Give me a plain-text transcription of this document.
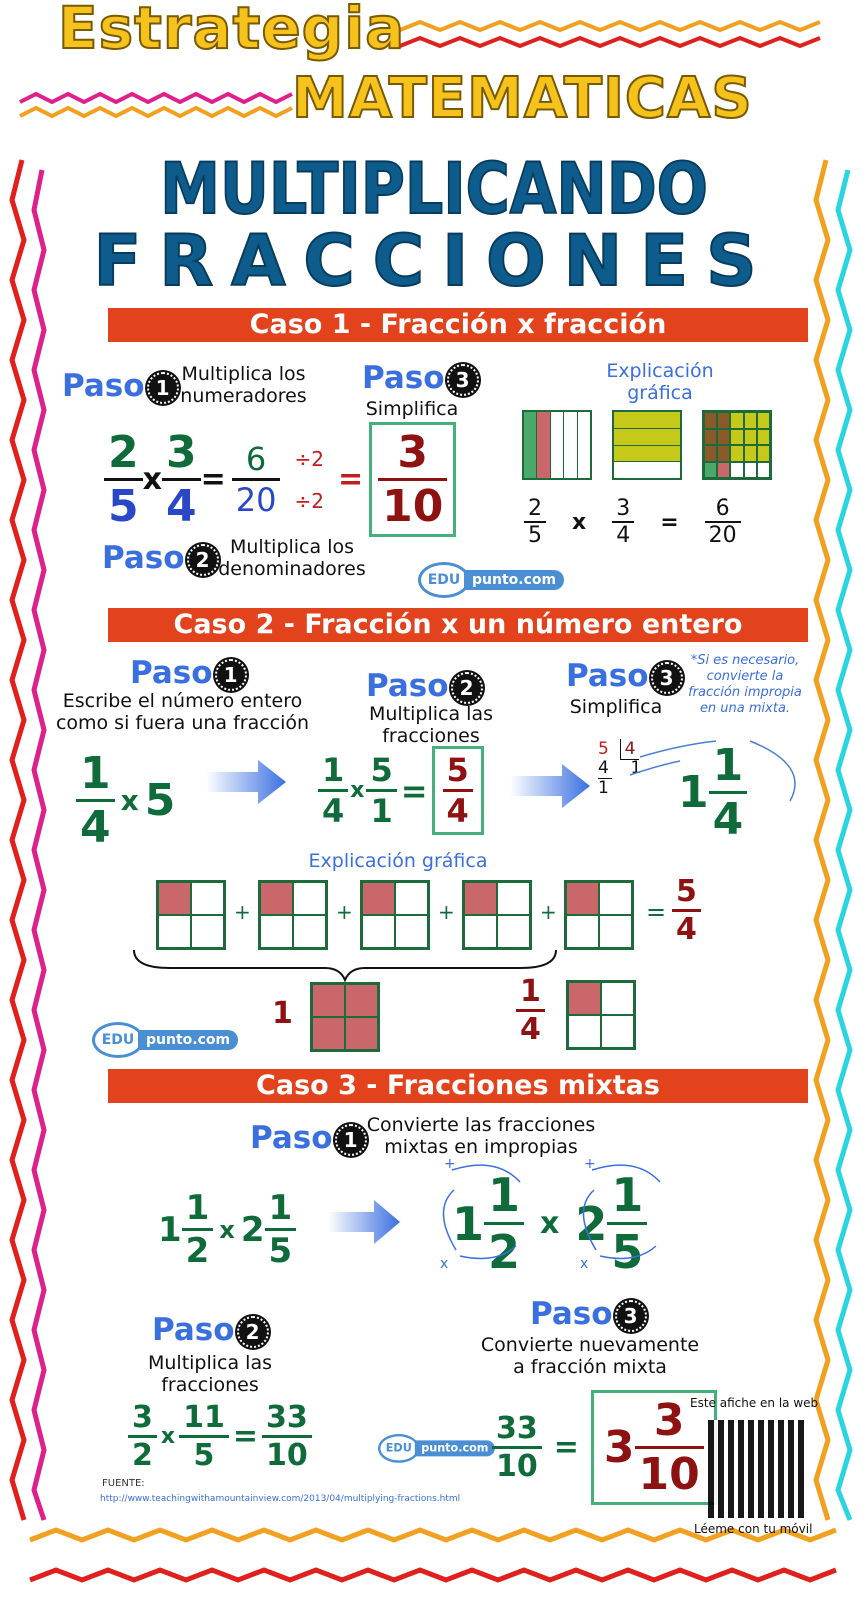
Estrategia
MATEMATICAS
MULTIPLICANDO
FRACCIONES
Caso 1 - Fracción x fracción
Paso 1
Multiplica los
numeradores Paso 3
Simplifica
Explicación
gráfica
$\frac{2}{5}$ x $\frac{3}{4} = \frac{6}{20} \div 2$
÷2
= $\frac{3}{10}$	$\frac{2}{5}$ x $\frac{3}{4} = \frac{6}{20}$
Paso 2
Multiplica los
denominadores	EDU punto.com
Caso 2 - Fracción x un número entero
Paso 1
Escribe el número entero
como si fuera una fracción
Paso 2
Multiplica las
fracciones
Paso 3
Simplifica
*Si es necesario, convierte la fracción impropia en una mixta.
$\frac{1}{4}$ x 5	$\frac{1}{4}$ x $\frac{5}{1} = \frac{5}{4}$
5 4
4 1
1 $1 \frac{1}{4}$
Explicación gráfica
+	+	+	+	= $\frac{5}{4}$
1	$\frac{1}{4}$
EDU punto.com
Caso 3 - Fracciones mixtas
Paso 1
Convierte las fracciones
mixtas en impropias
$1 \frac{1}{2}$ x $2 \frac{1}{5}$	$1 \frac{1}{2}$ x $2 \frac{1}{5}$
+
x
+
x
Paso 2
Multiplica las
fracciones
$\frac{3}{2}$ x $\frac{11}{5} = \frac{33}{10}$	EDU punto.com
Paso 3
Convierte nuevamente
a fracción mixta
$\frac{33}{10} = 3 \frac{3}{10}$
Este afiche en la web
Léeme con tu móvil
FUENTE:
http://www.teachingwithamountainview.com/2013/04/multiplying-fractions.html
